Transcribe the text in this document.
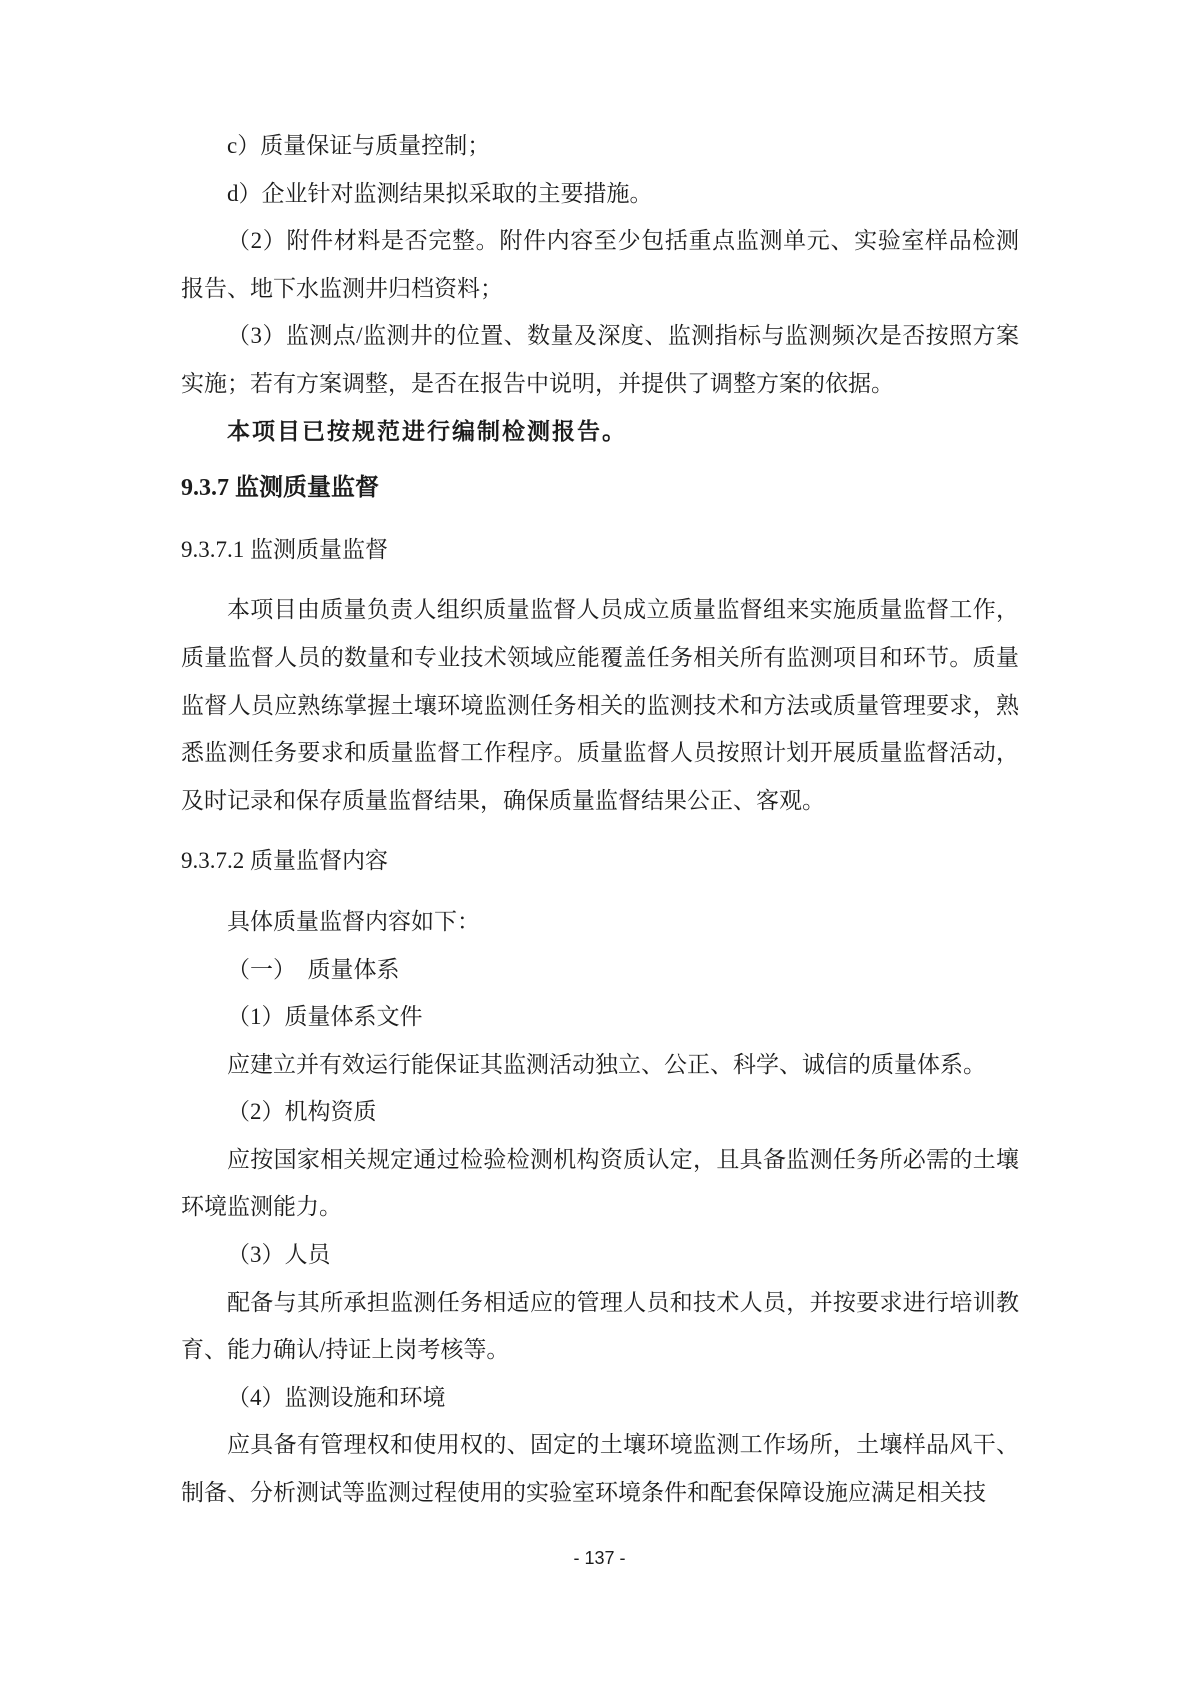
c）质量保证与质量控制；

d）企业针对监测结果拟采取的主要措施。

（2）附件材料是否完整。附件内容至少包括重点监测单元、实验室样品检测报告、地下水监测井归档资料；

（3）监测点/监测井的位置、数量及深度、监测指标与监测频次是否按照方案实施；若有方案调整，是否在报告中说明，并提供了调整方案的依据。

本项目已按规范进行编制检测报告。

9.3.7 监测质量监督

9.3.7.1 监测质量监督

本项目由质量负责人组织质量监督人员成立质量监督组来实施质量监督工作，质量监督人员的数量和专业技术领域应能覆盖任务相关所有监测项目和环节。质量监督人员应熟练掌握土壤环境监测任务相关的监测技术和方法或质量管理要求，熟悉监测任务要求和质量监督工作程序。质量监督人员按照计划开展质量监督活动，及时记录和保存质量监督结果，确保质量监督结果公正、客观。

9.3.7.2 质量监督内容

具体质量监督内容如下：

（一）　质量体系

（1）质量体系文件

应建立并有效运行能保证其监测活动独立、公正、科学、诚信的质量体系。

（2）机构资质

应按国家相关规定通过检验检测机构资质认定，且具备监测任务所必需的土壤环境监测能力。

（3）人员

配备与其所承担监测任务相适应的管理人员和技术人员，并按要求进行培训教育、能力确认/持证上岗考核等。

（4）监测设施和环境

应具备有管理权和使用权的、固定的土壤环境监测工作场所，土壤样品风干、制备、分析测试等监测过程使用的实验室环境条件和配套保障设施应满足相关技

- 137 -
